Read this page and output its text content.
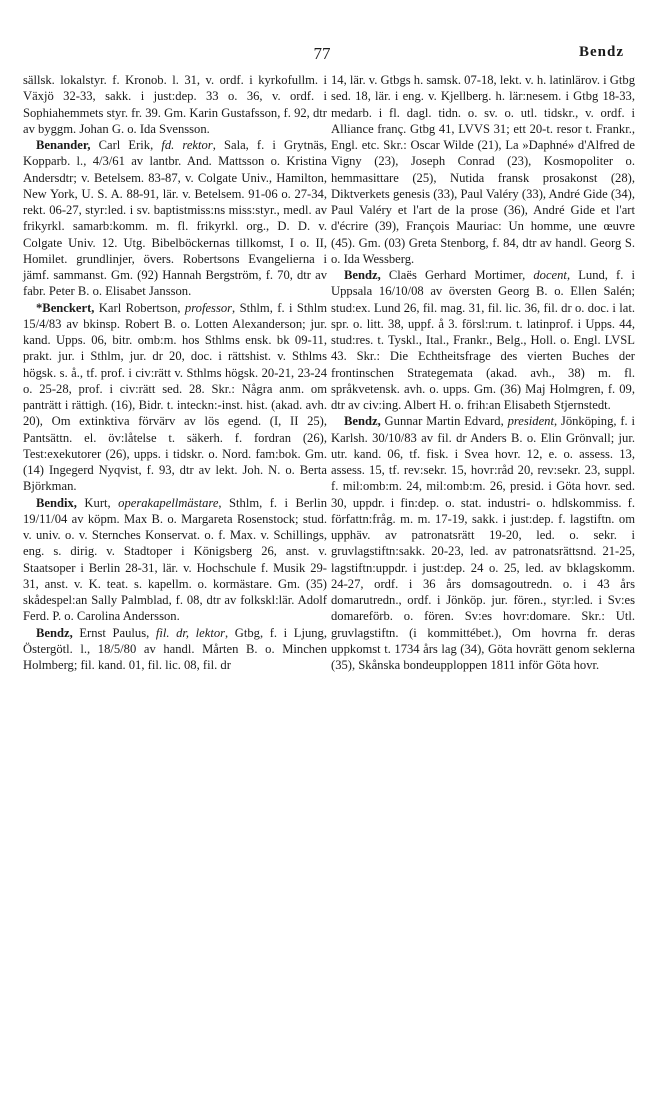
77	Bendz

sällsk. lokalstyr. f. Kronob. l. 31, v. ordf. i kyrkofullm. i Växjö 32-33, sakk. i just:dep. 33 o. 36, v. ordf. i Sophiahemmets styr. fr. 39. Gm. Karin Gustafsson, f. 92, dtr av byggm. Johan G. o. Ida Svensson.

Benander, Carl Erik, fd. rektor, Sala, f. i Grytnäs, Kopparb. l., 4/3/61 av lantbr. And. Mattsson o. Kristina Andersdtr; v. Betelsem. 83-87, v. Colgate Univ., Hamilton, New York, U. S. A. 88-91, lär. v. Betelsem. 91-06 o. 27-34, rekt. 06-27, styr:led. i sv. baptistmiss:ns miss:styr., medl. av frikyrkl. samarb:komm. m. fl. frikyrkl. org., D. D. v. Colgate Univ. 12. Utg. Bibelböckernas tillkomst, I o. II, Homilet. grundlinjer, övers. Robertsons Evangelierna i jämf. sammanst. Gm. (92) Hannah Bergström, f. 70, dtr av fabr. Peter B. o. Elisabet Jansson.

*Benckert, Karl Robertson, professor, Sthlm, f. i Sthlm 15/4/83 av bkinsp. Robert B. o. Lotten Alexanderson; jur. kand. Upps. 06, bitr. omb:m. hos Sthlms ensk. bk 09-11, prakt. jur. i Sthlm, jur. dr 20, doc. i rättshist. v. Sthlms högsk. s. å., tf. prof. i civ:rätt v. Sthlms högsk. 20-21, 23-24 o. 25-28, prof. i civ:rätt sed. 28. Skr.: Några anm. om panträtt i rättigh. (16), Bidr. t. inteckn:-inst. hist. (akad. avh. 20), Om extinktiva förvärv av lös egend. (I, II 25), Pantsättn. el. öv:låtelse t. säkerh. f. fordran (26), Test:exekutorer (26), upps. i tidskr. o. Nord. fam:bok. Gm. (14) Ingegerd Nyqvist, f. 93, dtr av lekt. Joh. N. o. Berta Björkman.

Bendix, Kurt, operakapellmästare, Sthlm, f. i Berlin 19/11/04 av köpm. Max B. o. Margareta Rosenstock; stud. v. univ. o. v. Sternches Konservat. o. f. Max. v. Schillings, eng. s. dirig. v. Stadtoper i Königsberg 26, anst. v. Staatsoper i Berlin 28-31, lär. v. Hochschule f. Musik 29-31, anst. v. K. teat. s. kapellm. o. kormästare. Gm. (35) skådespel:an Sally Palmblad, f. 08, dtr av folkskl:lär. Adolf Ferd. P. o. Carolina Andersson.

Bendz, Ernst Paulus, fil. dr, lektor, Gtbg, f. i Ljung, Östergötl. l., 18/5/80 av handl. Mårten B. o. Minchen Holmberg; fil. kand. 01, fil. lic. 08, fil. dr

14, lär. v. Gtbgs h. samsk. 07-18, lekt. v. h. latinlärov. i Gtbg sed. 18, lär. i eng. v. Kjellberg. h. lär:nesem. i Gtbg 18-33, medarb. i fl. dagl. tidn. o. sv. o. utl. tidskr., v. ordf. i Alliance franç. Gtbg 41, LVVS 31; ett 20-t. resor t. Frankr., Engl. etc. Skr.: Oscar Wilde (21), La »Daphné» d'Alfred de Vigny (23), Joseph Conrad (23), Kosmopoliter o. hemmasittare (25), Nutida fransk prosakonst (28), Diktverkets genesis (33), Paul Valéry (33), André Gide (34), Paul Valéry et l'art de la prose (36), André Gide et l'art d'écrire (39), François Mauriac: Un homme, une œuvre (45). Gm. (03) Greta Stenborg, f. 84, dtr av handl. Georg S. o. Ida Wessberg.

Bendz, Claës Gerhard Mortimer, docent, Lund, f. i Uppsala 16/10/08 av översten Georg B. o. Ellen Salén; stud:ex. Lund 26, fil. mag. 31, fil. lic. 36, fil. dr o. doc. i lat. spr. o. litt. 38, uppf. å 3. försl:rum. t. latinprof. i Upps. 44, stud:res. t. Tyskl., Ital., Frankr., Belg., Holl. o. Engl. LVSL 43. Skr.: Die Echtheitsfrage des vierten Buches der frontinschen Strategemata (akad. avh., 38) m. fl. språkvetensk. avh. o. upps. Gm. (36) Maj Holmgren, f. 09, dtr av civ:ing. Albert H. o. frih:an Elisabeth Stjernstedt.

Bendz, Gunnar Martin Edvard, president, Jönköping, f. i Karlsh. 30/10/83 av fil. dr Anders B. o. Elin Grönvall; jur. utr. kand. 06, tf. fisk. i Svea hovr. 12, e. o. assess. 13, assess. 15, tf. rev:sekr. 15, hovr:råd 20, rev:sekr. 23, suppl. f. mil:omb:m. 24, mil:omb:m. 26, presid. i Göta hovr. sed. 30, uppdr. i fin:dep. o. stat. industri- o. hdlskommiss. f. författn:fråg. m. m. 17-19, sakk. i just:dep. f. lagstiftn. om upphäv. av patronatsrätt 19-20, led. o. sekr. i gruvlagstiftn:sakk. 20-23, led. av patronatsrättsnd. 21-25, lagstiftn:uppdr. i just:dep. 24 o. 25, led. av bklagskomm. 24-27, ordf. i 36 års domsagoutredn. o. i 43 års domarutredn., ordf. i Jönköp. jur. fören., styr:led. i Sv:es domareförb. o. fören. Sv:es hovr:domare. Skr.: Utl. gruvlagstiftn. (i kommittébet.), Om hovrna fr. deras uppkomst t. 1734 års lag (34), Göta hovrätt genom seklerna (35), Skånska bondeupploppen 1811 inför Göta hovr.
